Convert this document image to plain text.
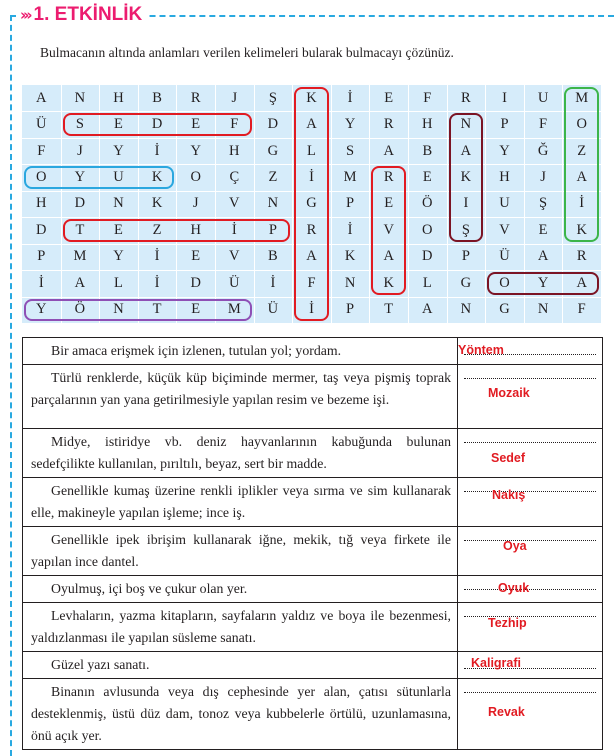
››› 1. ETKİNLİK
Bulmacanın altında anlamları verilen kelimeleri bularak bulmacayı çözünüz.
A	N	H	B	R	J	Ş	K	İ	E	F	R	I	U	M
Ü	S	E	D	E	F	D	A	Y	R	H	N	P	F	O
F	J	Y	İ	Y	H	G	L	S	A	B	A	Y	Ğ	Z
O	Y	U	K	O	Ç	Z	İ	M	R	E	K	H	J	A
H	D	N	K	J	V	N	G	P	E	Ö	I	U	Ş	İ
D	T	E	Z	H	İ	P	R	İ	V	O	Ş	V	E	K
P	M	Y	İ	E	V	B	A	K	A	D	P	Ü	A	R
İ	A	L	İ	D	Ü	İ	F	N	K	L	G	O	Y	A
Y	Ö	N	T	E	M	Ü	İ	P	T	A	N	G	N	F
Bir amaca erişmek için izlenen, tutulan yol; yordam.	Yöntem

Türlü renklerde, küçük küp biçiminde mermer, taş veya pişmiş toprak parçalarının yan yana getirilmesiyle yapılan resim ve bezeme işi.	Mozaik

Midye, istiridye vb. deniz hayvanlarının kabuğunda bulunan sedefçilikte kullanılan, pırıltılı, beyaz, sert bir madde.	Sedef

Genellikle kumaş üzerine renkli iplikler veya sırma ve sim kullanarak elle, makineyle yapılan işleme; ince iş.	Nakış

Genellikle ipek ibrişim kullanarak iğne, mekik, tığ veya firkete ile yapılan ince dantel.	Oya

Oyulmuş, içi boş ve çukur olan yer.	Oyuk

Levhaların, yazma kitapların, sayfaların yaldız ve boya ile bezenmesi, yaldızlanması ile yapılan süsleme sanatı.	Tezhip

Güzel yazı sanatı.	Kaligrafi

Binanın avlusunda veya dış cephesinde yer alan, çatısı sütunlarla desteklenmiş, üstü düz dam, tonoz veya kubbelerle örtülü, uzunlamasına, önü açık yer.	Revak
